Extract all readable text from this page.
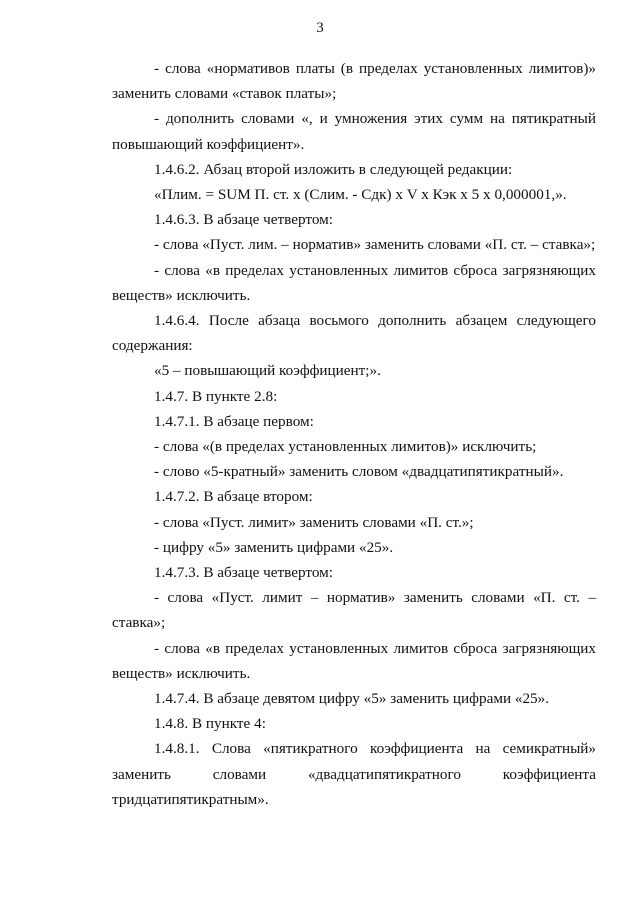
3

- слова «нормативов платы (в пределах установленных лимитов)» заменить словами «ставок платы»;

- дополнить словами «, и умножения этих сумм на пятикратный повышающий коэффициент».

1.4.6.2. Абзац второй изложить в следующей редакции:

«Плим. = SUM П. ст. х (Слим. - Сдк) х V х Кэк х 5 х 0,000001,».

1.4.6.3. В абзаце четвертом:

- слова «Пуст. лим. – норматив» заменить словами «П. ст. – ставка»;

- слова «в пределах установленных лимитов сброса загрязняющих веществ» исключить.

1.4.6.4. После абзаца восьмого дополнить абзацем следующего содержания:

«5 – повышающий коэффициент;».

1.4.7. В пункте 2.8:

1.4.7.1. В абзаце первом:

- слова «(в пределах установленных лимитов)» исключить;

- слово «5-кратный» заменить словом «двадцатипятикратный».

1.4.7.2. В абзаце втором:

- слова «Пуст. лимит» заменить словами «П. ст.»;

- цифру «5» заменить цифрами «25».

1.4.7.3. В абзаце четвертом:

- слова «Пуст. лимит – норматив» заменить словами «П. ст. – ставка»;

- слова «в пределах установленных лимитов сброса загрязняющих веществ» исключить.

1.4.7.4. В абзаце девятом цифру «5» заменить цифрами «25».

1.4.8. В пункте 4:

1.4.8.1. Слова «пятикратного коэффициента на семикратный» заменить словами «двадцатипятикратного коэффициента тридцатипятикратным».
